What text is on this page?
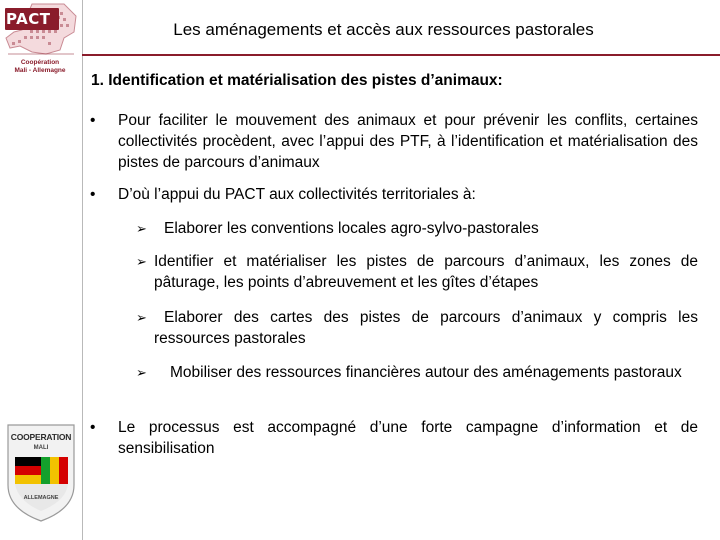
PACT
Coopération
Mali - Allemagne
Les aménagements et accès aux ressources pastorales
COOPERATION
MALI
ALLEMAGNE
1. Identification et matérialisation des pistes d’animaux:
•	Pour faciliter le mouvement des animaux et pour prévenir les conflits, certaines collectivités procèdent, avec l’appui des PTF, à l’identification et matérialisation des pistes de parcours d’animaux
•	D’où l’appui du PACT aux collectivités territoriales à:
➢	Elaborer les conventions locales agro-sylvo-pastorales
➢ Identifier et matérialiser les pistes de parcours d’animaux, les zones de pâturage, les points d’abreuvement et les gîtes d’étapes
➢	Elaborer des cartes des pistes de parcours d’animaux y compris les ressources pastorales
➢	Mobiliser des ressources financières autour des aménagements pastoraux
•	Le processus est accompagné d’une forte campagne d’information et de sensibilisation
